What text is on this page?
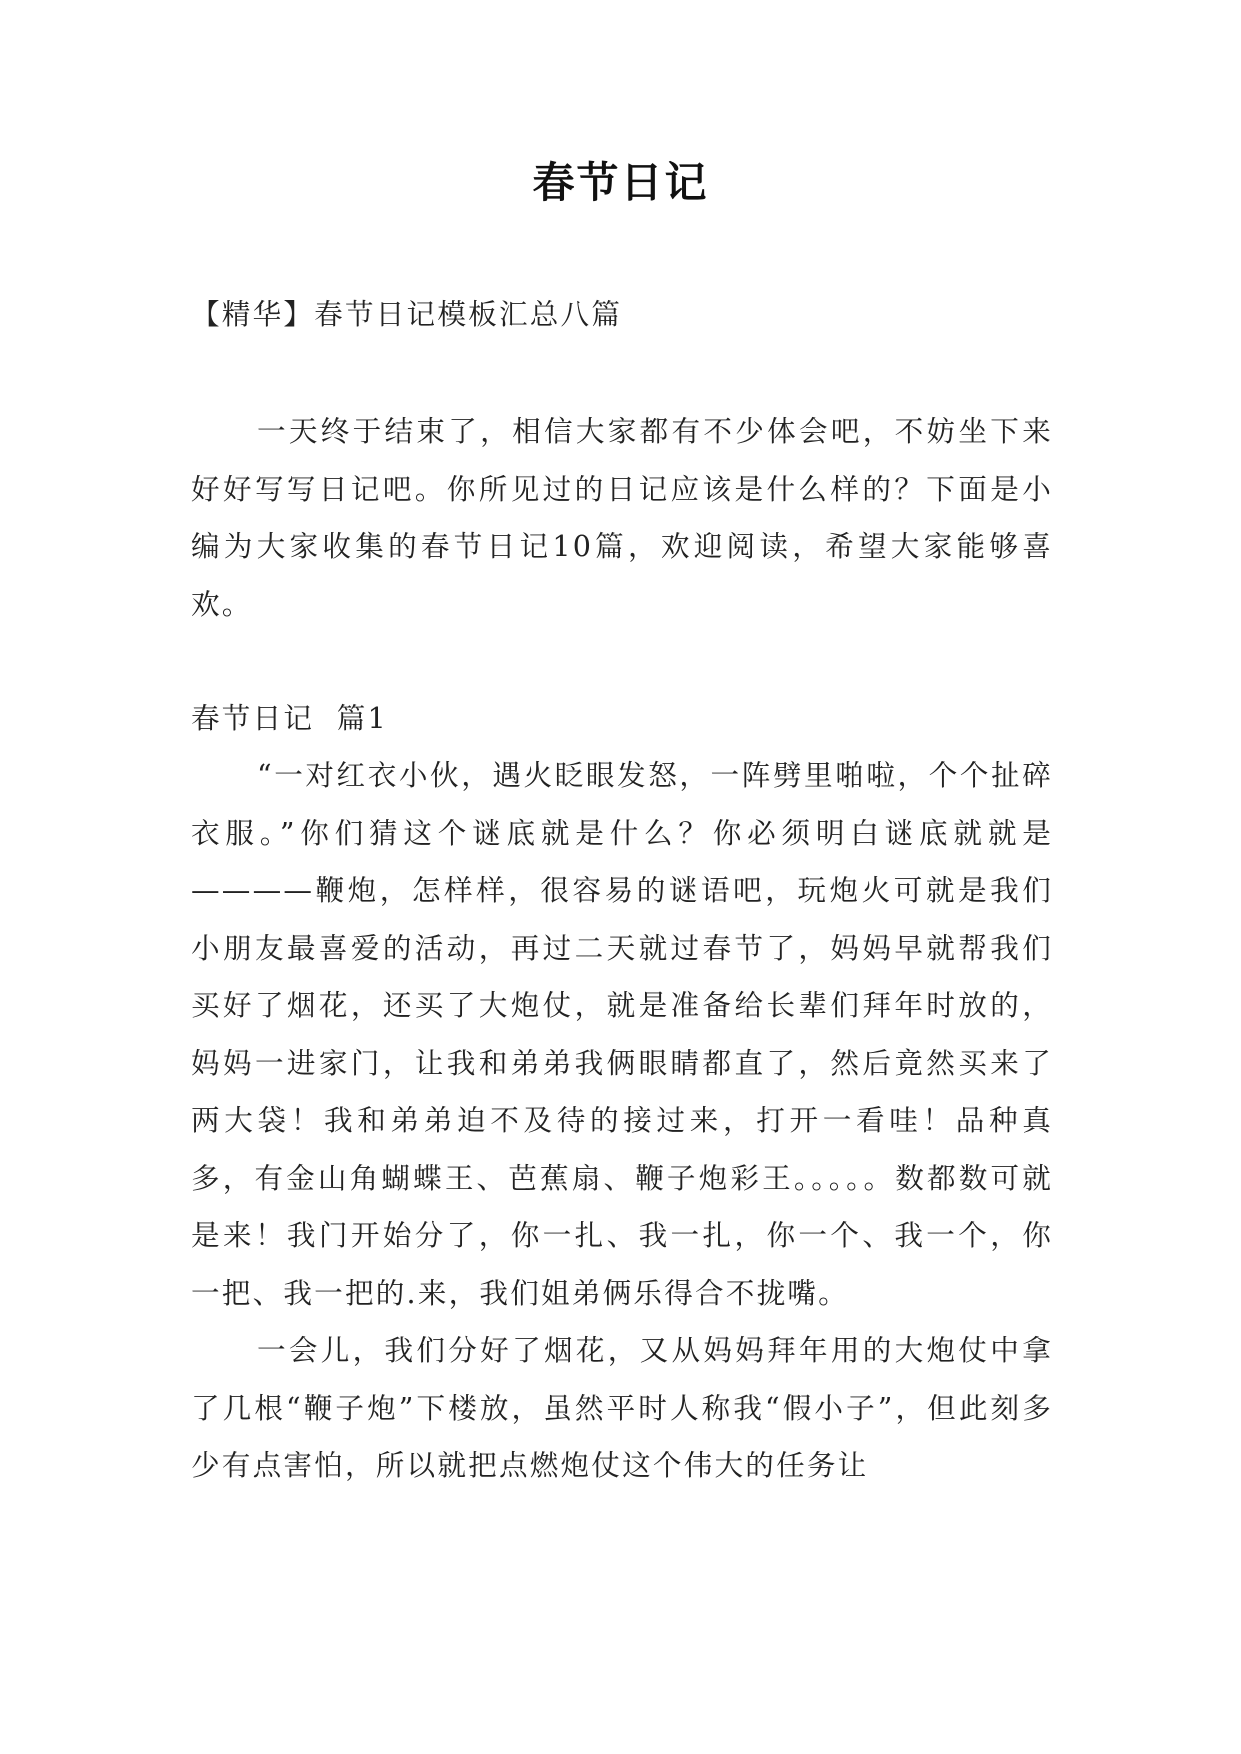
春节日记
【精华】春节日记模板汇总八篇
一天终于结束了，相信大家都有不少体会吧，不妨坐下来好好写写日记吧。你所见过的日记应该是什么样的？下面是小编为大家收集的春节日记10篇，欢迎阅读，希望大家能够喜欢。
春节日记  篇1

“一对红衣小伙，遇火眨眼发怒，一阵劈里啪啦，个个扯碎衣服。”你们猜这个谜底就是什么？你必须明白谜底就就是————鞭炮，怎样样，很容易的谜语吧，玩炮火可就是我们小朋友最喜爱的活动，再过二天就过春节了，妈妈早就帮我们买好了烟花，还买了大炮仗，就是准备给长辈们拜年时放的，妈妈一进家门，让我和弟弟我俩眼睛都直了，然后竟然买来了两大袋！我和弟弟迫不及待的接过来，打开一看哇！品种真多，有金山角蝴蝶王、芭蕉扇、鞭子炮彩王。。。。。数都数可就是来！我门开始分了，你一扎、我一扎，你一个、我一个，你一把、我一把的.来，我们姐弟俩乐得合不拢嘴。

一会儿，我们分好了烟花，又从妈妈拜年用的大炮仗中拿了几根“鞭子炮”下楼放，虽然平时人称我“假小子”，但此刻多少有点害怕，所以就把点燃炮仗这个伟大的任务让
